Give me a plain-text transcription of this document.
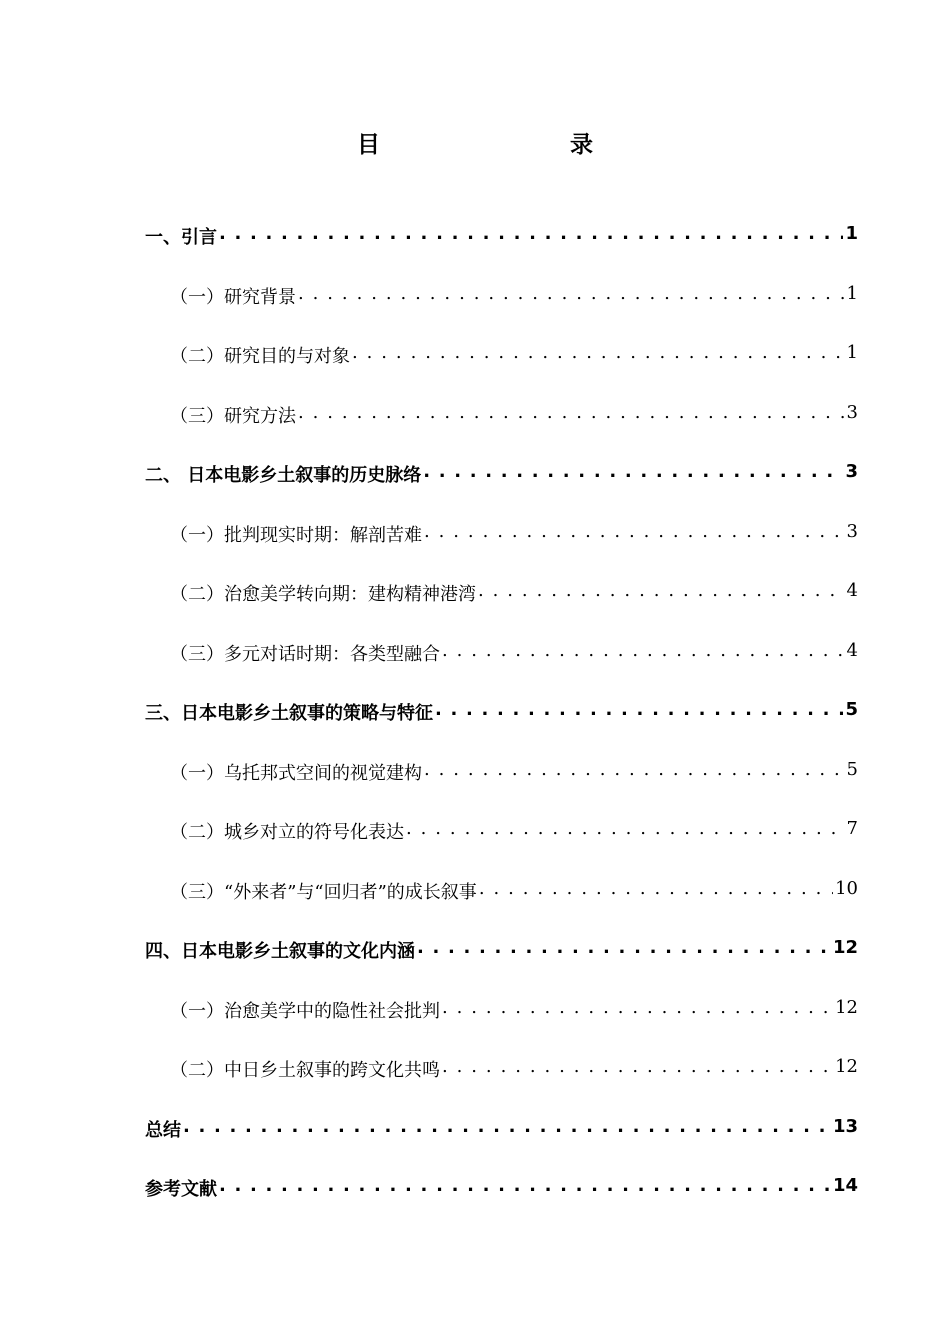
目　　录
一、引言 . . .	1
（一）研究背景 . . .	1
（二）研究目的与对象 . . .	1
（三）研究方法 . . .	3
二、 日本电影乡土叙事的历史脉络 . . .	3
（一）批判现实时期：解剖苦难 . . .	3
（二）治愈美学转向期：建构精神港湾 . . .	4
（三）多元对话时期：各类型融合 . . .	4
三、日本电影乡土叙事的策略与特征 . . .	5
（一）乌托邦式空间的视觉建构 . . .	5
（二）城乡对立的符号化表达 . . .	7
（三）“外来者”与“回归者”的成长叙事 . . .	10
四、日本电影乡土叙事的文化内涵 . . .	12
（一）治愈美学中的隐性社会批判 . . .	12
（二）中日乡土叙事的跨文化共鸣 . . .	12
总结 . . .	13
参考文献 . . .	14
